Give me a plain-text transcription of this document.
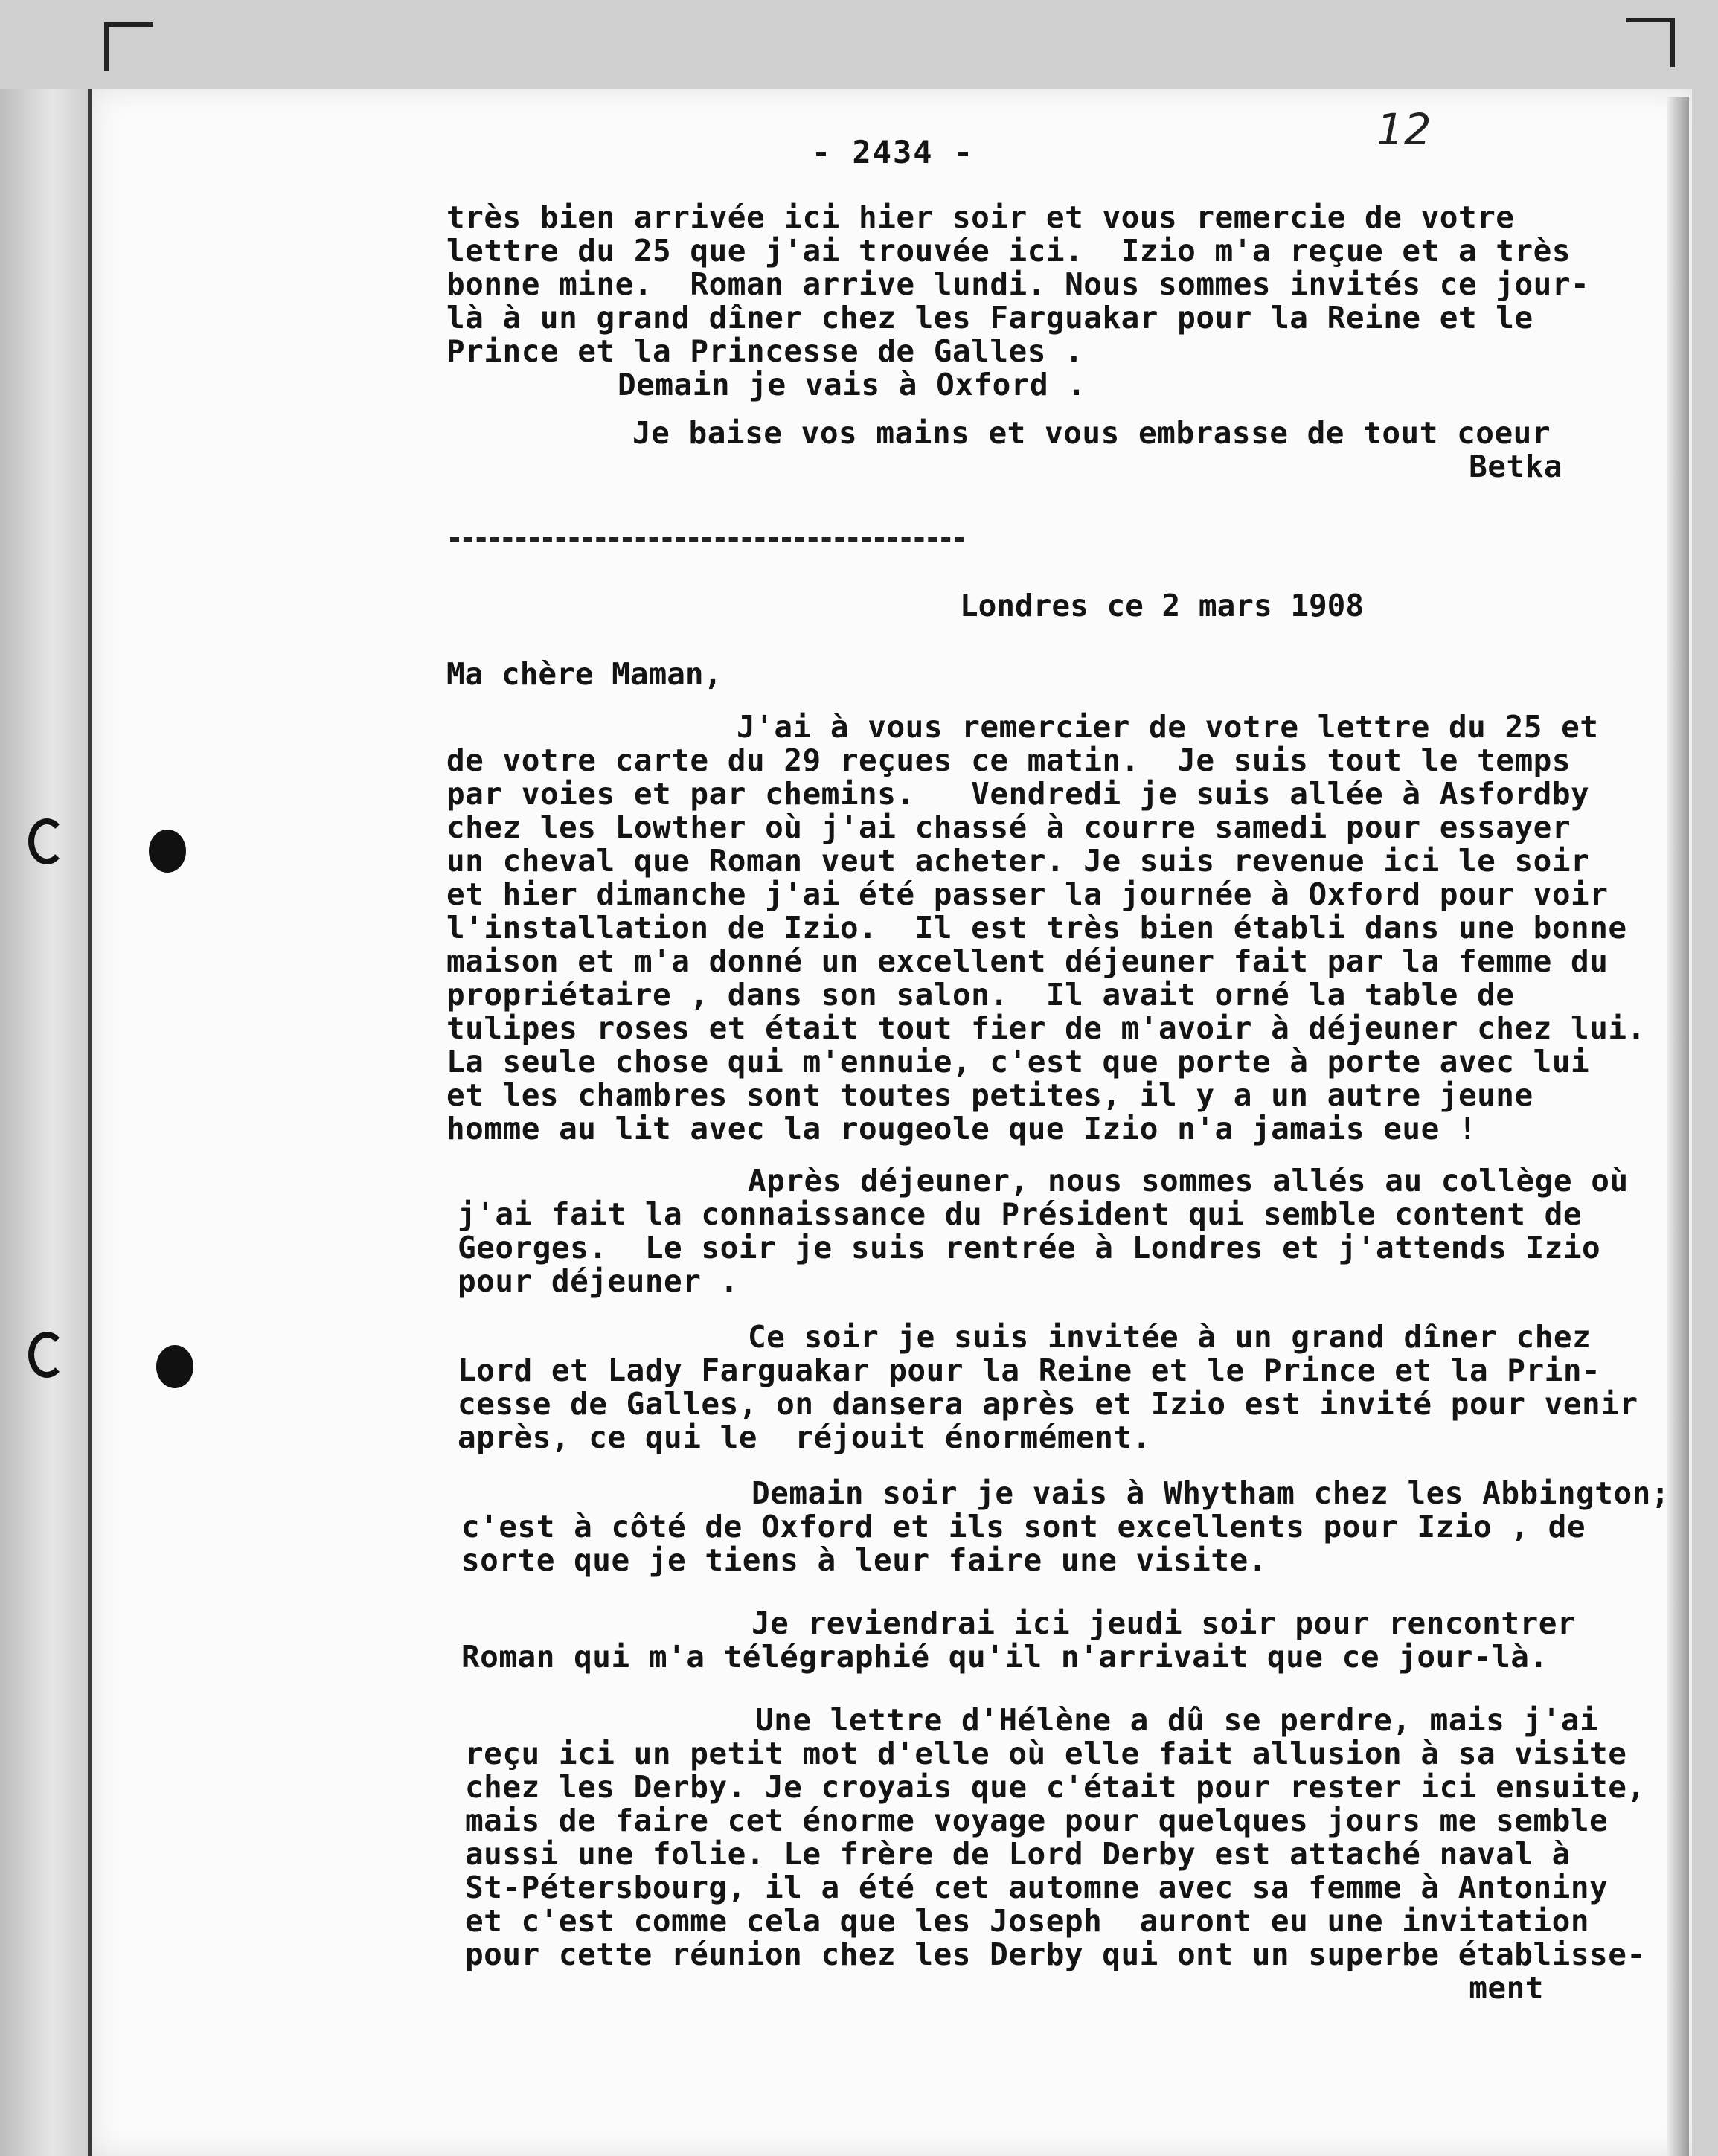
- 2434 -	12
très bien arrivée ici hier soir et vous remercie de votre
lettre du 25 que j'ai trouvée ici.  Izio m'a reçue et a très
bonne mine.  Roman arrive lundi. Nous sommes invités ce jour-
là à un grand dîner chez les Farguakar pour la Reine et le
Prince et la Princesse de Galles .
Demain je vais à Oxford .
Je baise vos mains et vous embrasse de tout coeur
Betka
Londres ce 2 mars 1908
Ma chère Maman,
J'ai à vous remercier de votre lettre du 25 et
de votre carte du 29 reçues ce matin.  Je suis tout le temps
par voies et par chemins.   Vendredi je suis allée à Asfordby
chez les Lowther où j'ai chassé à courre samedi pour essayer
un cheval que Roman veut acheter. Je suis revenue ici le soir
et hier dimanche j'ai été passer la journée à Oxford pour voir
l'installation de Izio.  Il est très bien établi dans une bonne
maison et m'a donné un excellent déjeuner fait par la femme du
propriétaire , dans son salon.  Il avait orné la table de
tulipes roses et était tout fier de m'avoir à déjeuner chez lui.
La seule chose qui m'ennuie, c'est que porte à porte avec lui
et les chambres sont toutes petites, il y a un autre jeune
homme au lit avec la rougeole que Izio n'a jamais eue !
Après déjeuner, nous sommes allés au collège où
j'ai fait la connaissance du Président qui semble content de
Georges.  Le soir je suis rentrée à Londres et j'attends Izio
pour déjeuner .
Ce soir je suis invitée à un grand dîner chez
Lord et Lady Farguakar pour la Reine et le Prince et la Prin-
cesse de Galles, on dansera après et Izio est invité pour venir
après, ce qui le  réjouit énormément.
Demain soir je vais à Whytham chez les Abbington;
c'est à côté de Oxford et ils sont excellents pour Izio , de
sorte que je tiens à leur faire une visite.
Je reviendrai ici jeudi soir pour rencontrer
Roman qui m'a télégraphié qu'il n'arrivait que ce jour-là.
Une lettre d'Hélène a dû se perdre, mais j'ai
reçu ici un petit mot d'elle où elle fait allusion à sa visite
chez les Derby. Je croyais que c'était pour rester ici ensuite,
mais de faire cet énorme voyage pour quelques jours me semble
aussi une folie. Le frère de Lord Derby est attaché naval à
St-Pétersbourg, il a été cet automne avec sa femme à Antoniny
et c'est comme cela que les Joseph  auront eu une invitation
pour cette réunion chez les Derby qui ont un superbe établisse-
ment
